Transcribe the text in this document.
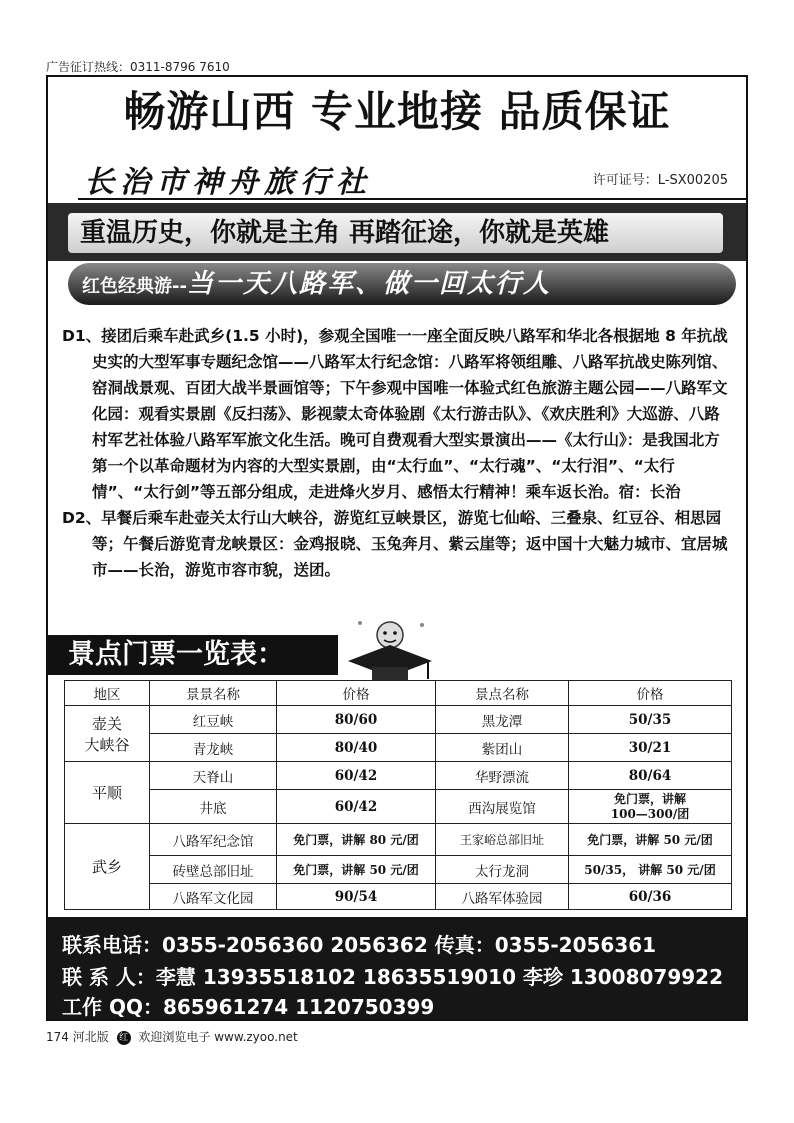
广告征订热线：0311-8796 7610
畅游山西 专业地接 品质保证
长治市神舟旅行社	许可证号：L-SX00205
重温历史，你就是主角 再踏征途，你就是英雄
红色经典游--当一天八路军、做一回太行人

D1、接团后乘车赴武乡(1.5 小时)，参观全国唯一一座全面反映八路军和华北各根据地 8 年抗战史实的大型军事专题纪念馆——八路军太行纪念馆：八路军将领组雕、八路军抗战史陈列馆、窑洞战景观、百团大战半景画馆等；下午参观中国唯一体验式红色旅游主题公园——八路军文化园：观看实景剧《反扫荡》、影视蒙太奇体验剧《太行游击队》、《欢庆胜利》大巡游、八路村军艺社体验八路军军旅文化生活。晚可自费观看大型实景演出——《太行山》：是我国北方第一个以革命题材为内容的大型实景剧，由“太行血”、“太行魂”、“太行泪”、“太行情”、“太行剑”等五部分组成，走进烽火岁月、感悟太行精神！乘车返长治。宿：长治

D2、早餐后乘车赴壶关太行山大峡谷，游览红豆峡景区，游览七仙峪、三叠泉、红豆谷、相思园等；午餐后游览青龙峡景区：金鸡报晓、玉兔奔月、紫云崖等；返中国十大魅力城市、宜居城市——长治，游览市容市貌，送团。

景点门票一览表：
地区	景景名称	价格	景点名称	价格
壶关
大峡谷	红豆峡	80/60	黑龙潭	50/35
	青龙峡	80/40	紫团山	30/21
平顺	天脊山	60/42	华野漂流	80/64
	井底	60/42	西沟展览馆	免门票，讲解
100—300/团
武乡	八路军纪念馆	免门票，讲解 80 元/团	王家峪总部旧址	免门票，讲解 50 元/团
	砖壁总部旧址	免门票，讲解 50 元/团	太行龙洞	50/35， 讲解 50 元/团
	八路军文化园	90/54	八路军体验园	60/36
联系电话：0355-2056360 2056362 传真：0355-2056361
联 系 人：李慧 13935518102 18635519010 李珍 13008079922
工作 QQ：865961274 1120750399
174 河北版 红 欢迎浏览电子 www.zyoo.net
